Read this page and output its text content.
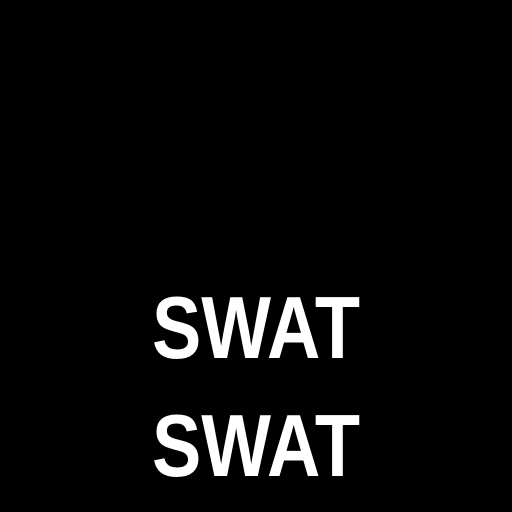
SWAT
SWAT
